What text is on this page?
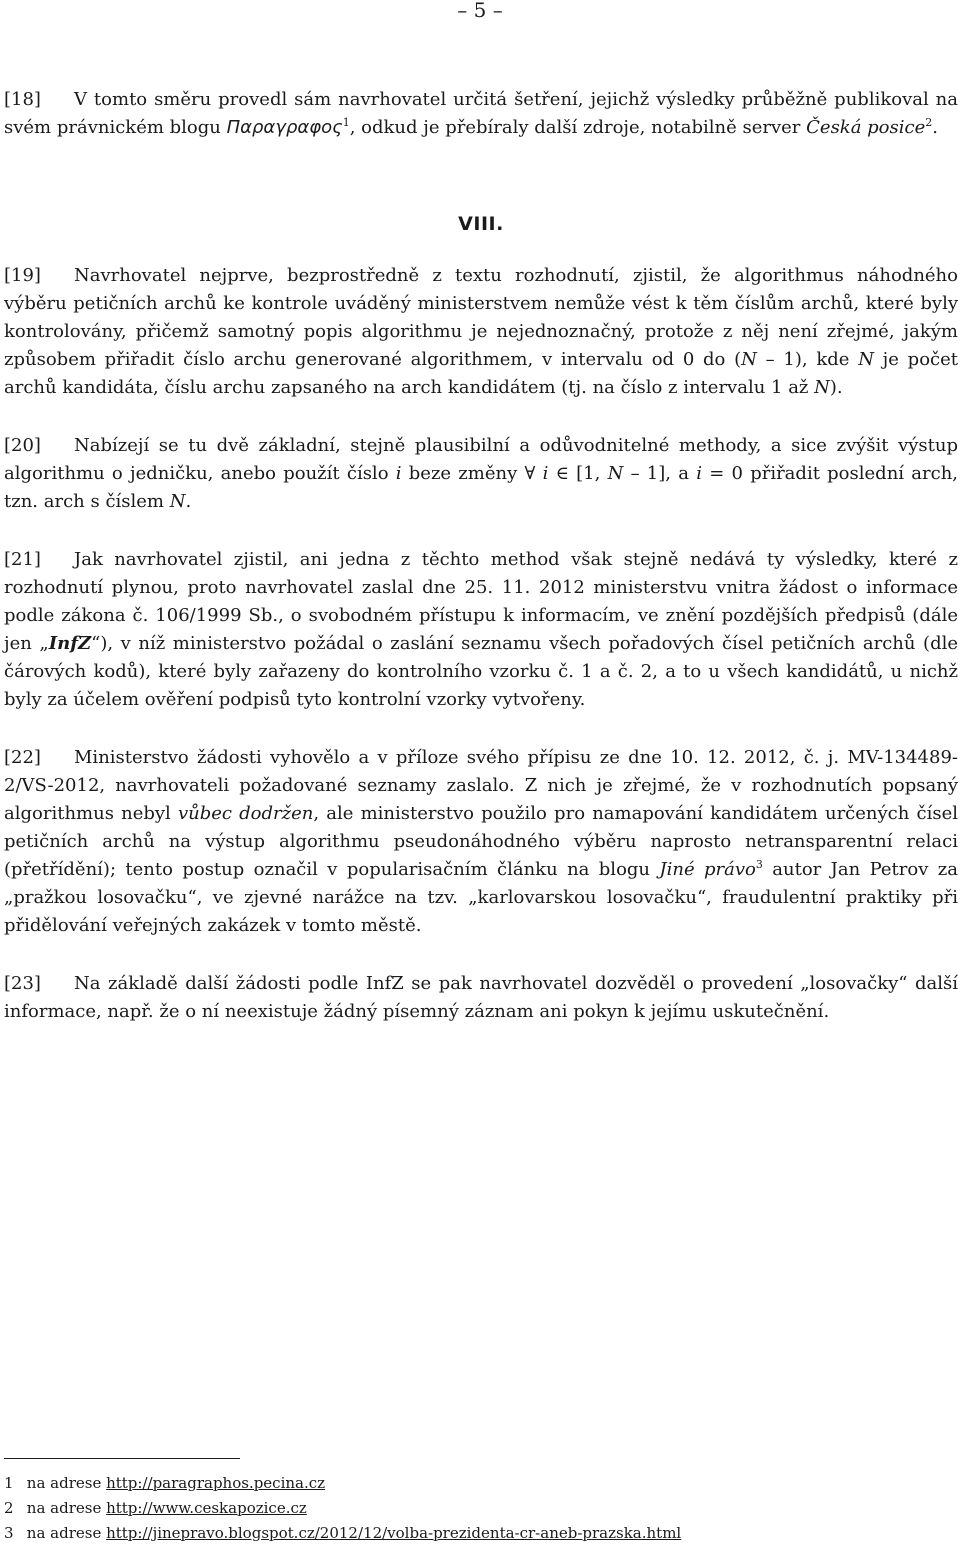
– 5 –

[18] V tomto směru provedl sám navrhovatel určitá šetření, jejichž výsledky průběžně publikoval na svém právnickém blogu Παραγραφος$^1$, odkud je přebíraly další zdroje, notabilně server Česká posice$^2$.

VIII.

[19] Navrhovatel nejprve, bezprostředně z textu rozhodnutí, zjistil, že algorithmus náhodného výběru petičních archů ke kontrole uváděný ministerstvem nemůže vést k těm číslům archů, které byly kontrolovány, přičemž samotný popis algorithmu je nejednoznačný, protože z něj není zřejmé, jakým způsobem přiřadit číslo archu generované algorithmem, v intervalu od 0 do (N – 1), kde N je počet archů kandidáta, číslu archu zapsaného na arch kandidátem (tj. na číslo z intervalu 1 až N).

[20] Nabízejí se tu dvě základní, stejně plausibilní a odůvodnitelné methody, a sice zvýšit výstup algorithmu o jedničku, anebo použít číslo i beze změny ∀ i ∈ [1, N – 1], a i = 0 přiřadit poslední arch, tzn. arch s číslem N.

[21] Jak navrhovatel zjistil, ani jedna z těchto method však stejně nedává ty výsledky, které z rozhodnutí plynou, proto navrhovatel zaslal dne 25. 11. 2012 ministerstvu vnitra žádost o informace podle zákona č. 106/1999 Sb., o svobodném přístupu k informacím, ve znění pozdějších předpisů (dále jen „InfZ“), v níž ministerstvo požádal o zaslání seznamu všech pořadových čísel petičních archů (dle čárových kodů), které byly zařazeny do kontrolního vzorku č. 1 a č. 2, a to u všech kandidátů, u nichž byly za účelem ověření podpisů tyto kontrolní vzorky vytvořeny.

[22] Ministerstvo žádosti vyhovělo a v příloze svého přípisu ze dne 10. 12. 2012, č. j. MV-134489-2/VS-2012, navrhovateli požadované seznamy zaslalo. Z nich je zřejmé, že v rozhodnutích popsaný algorithmus nebyl vůbec dodržen, ale ministerstvo použilo pro namapování kandidátem určených čísel petičních archů na výstup algorithmu pseudonáhodného výběru naprosto netransparentní relaci (přetřídění); tento postup označil v popularisačním článku na blogu Jiné právo$^3$ autor Jan Petrov za „pražkou losovačku“, ve zjevné narážce na tzv. „karlovarskou losovačku“, fraudulentní praktiky při přidělování veřejných zakázek v tomto městě.

[23] Na základě další žádosti podle InfZ se pak navrhovatel dozvěděl o provedení „losovačky“ další informace, např. že o ní neexistuje žádný písemný záznam ani pokyn k jejímu uskutečnění.

1 na adrese http://paragraphos.pecina.cz
2 na adrese http://www.ceskapozice.cz
3 na adrese http://jinepravo.blogspot.cz/2012/12/volba-prezidenta-cr-aneb-prazska.html
